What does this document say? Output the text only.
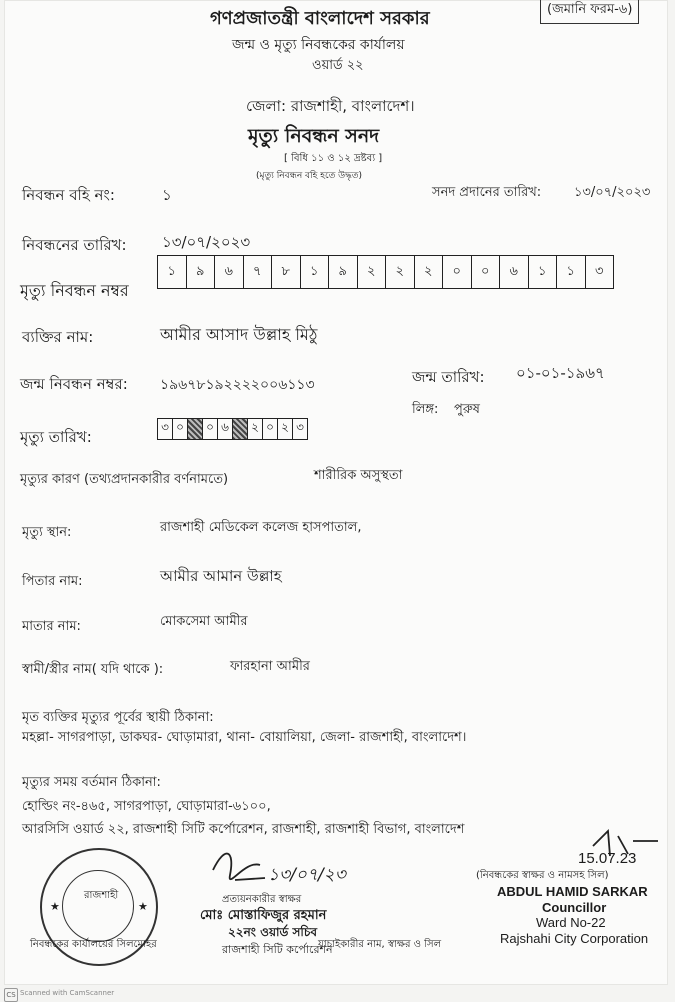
(জমানি ফরম-৬)
গণপ্রজাতন্ত্রী বাংলাদেশ সরকার
জন্ম ও মৃত্যু নিবন্ধকের কার্যালয়
ওয়ার্ড ২২
জেলা: রাজশাহী, বাংলাদেশ।
মৃত্যু নিবন্ধন সনদ
[ বিধি ১১ ও ১২ দ্রষ্টব্য ]
(মৃত্যু নিবন্ধন বহি হতে উদ্ধৃত)
নিবন্ধন বহি নং:	১	সনদ প্রদানের তারিখ:	১৩/০৭/২০২৩
নিবন্ধনের তারিখ: ১৩/০৭/২০২৩
মৃত্যু নিবন্ধন নম্বর
১	৯	৬	৭	৮	১	৯	২	২	২	০	০	৬	১	১	৩
ব্যক্তির নাম:	আমীর আসাদ উল্লাহ মিঠু
জন্ম নিবন্ধন নম্বর: ১৯৬৭৮১৯২২২২০০৬১১৩	জন্ম তারিখ: ০১-০১-১৯৬৭
লিঙ্গ: পুরুষ
মৃত্যু তারিখ:
৩ ০	০ ৬	২ ০ ২ ৩
মৃত্যুর কারণ (তথ্যপ্রদানকারীর বর্ণনামতে)	শারীরিক অসুস্থতা
মৃত্যু স্থান:	রাজশাহী মেডিকেল কলেজ হাসপাতাল,
পিতার নাম:	আমীর আমান উল্লাহ
মাতার নাম:	মোকসেমা আমীর
স্বামী/স্ত্রীর নাম( যদি থাকে ):	ফারহানা আমীর
মৃত ব্যক্তির মৃত্যুর পূর্বের স্থায়ী ঠিকানা:
মহল্লা- সাগরপাড়া, ডাকঘর- ঘোড়ামারা, থানা- বোয়ালিয়া, জেলা- রাজশাহী, বাংলাদেশ।
মৃত্যুর সময় বর্তমান ঠিকানা:
হোল্ডিং নং-৪৬৫, সাগরপাড়া, ঘোড়ামারা-৬১০০,
আরসিসি ওয়ার্ড ২২, রাজশাহী সিটি কর্পোরেশন, রাজশাহী, রাজশাহী বিভাগ, বাংলাদেশ
রাজশাহী
★	★
১৩/০৭/২৩
প্রত্যয়নকারীর স্বাক্ষর
মোঃ মোস্তাফিজুর রহমান
২২নং ওয়ার্ড সচিব
রাজশাহী সিটি কর্পোরেশন
যাচাইকারীর নাম, স্বাক্ষর ও সিল
নিবন্ধকের কার্যালয়ের সিলমোহর
15.07.23
(নিবন্ধকের স্বাক্ষর ও নামসহ সিল)
ABDUL HAMID SARKAR
Councillor
Ward No-22
Rajshahi City Corporation
CS Scanned with CamScanner
